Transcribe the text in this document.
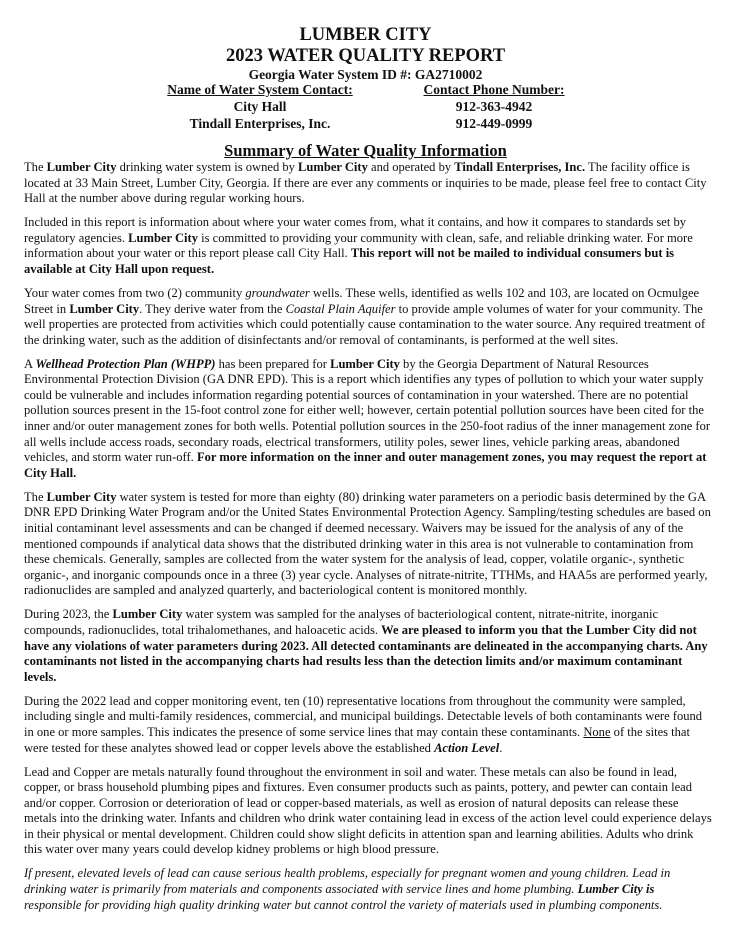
LUMBER CITY
2023 WATER QUALITY REPORT
Georgia Water System ID #: GA2710002
Name of Water System Contact:	Contact Phone Number:
City Hall	912-363-4942
Tindall Enterprises, Inc.	912-449-0999
Summary of Water Quality Information

The Lumber City drinking water system is owned by Lumber City and operated by Tindall Enterprises, Inc. The facility office is located at 33 Main Street, Lumber City, Georgia. If there are ever any comments or inquiries to be made, please feel free to contact City Hall at the number above during regular working hours.

Included in this report is information about where your water comes from, what it contains, and how it compares to standards set by regulatory agencies. Lumber City is committed to providing your community with clean, safe, and reliable drinking water. For more information about your water or this report please call City Hall. This report will not be mailed to individual consumers but is available at City Hall upon request.

Your water comes from two (2) community groundwater wells. These wells, identified as wells 102 and 103, are located on Ocmulgee Street in Lumber City. They derive water from the Coastal Plain Aquifer to provide ample volumes of water for your community. The well properties are protected from activities which could potentially cause contamination to the water source. Any required treatment of the drinking water, such as the addition of disinfectants and/or removal of contaminants, is performed at the well sites.

A Wellhead Protection Plan (WHPP) has been prepared for Lumber City by the Georgia Department of Natural Resources Environmental Protection Division (GA DNR EPD). This is a report which identifies any types of pollution to which your water supply could be vulnerable and includes information regarding potential sources of contamination in your watershed. There are no potential pollution sources present in the 15-foot control zone for either well; however, certain potential pollution sources have been cited for the inner and/or outer management zones for both wells. Potential pollution sources in the 250-foot radius of the inner management zone for all wells include access roads, secondary roads, electrical transformers, utility poles, sewer lines, vehicle parking areas, abandoned vehicles, and storm water run-off. For more information on the inner and outer management zones, you may request the report at City Hall.

The Lumber City water system is tested for more than eighty (80) drinking water parameters on a periodic basis determined by the GA DNR EPD Drinking Water Program and/or the United States Environmental Protection Agency. Sampling/testing schedules are based on initial contaminant level assessments and can be changed if deemed necessary. Waivers may be issued for the analysis of any of the mentioned compounds if analytical data shows that the distributed drinking water in this area is not vulnerable to contamination from these chemicals. Generally, samples are collected from the water system for the analysis of lead, copper, volatile organic-, synthetic organic-, and inorganic compounds once in a three (3) year cycle. Analyses of nitrate-nitrite, TTHMs, and HAA5s are performed yearly, radionuclides are sampled and analyzed quarterly, and bacteriological content is monitored monthly.

During 2023, the Lumber City water system was sampled for the analyses of bacteriological content, nitrate-nitrite, inorganic compounds, radionuclides, total trihalomethanes, and haloacetic acids. We are pleased to inform you that the Lumber City did not have any violations of water parameters during 2023. All detected contaminants are delineated in the accompanying charts. Any contaminants not listed in the accompanying charts had results less than the detection limits and/or maximum contaminant levels.

During the 2022 lead and copper monitoring event, ten (10) representative locations from throughout the community were sampled, including single and multi-family residences, commercial, and municipal buildings. Detectable levels of both contaminants were found in one or more samples. This indicates the presence of some service lines that may contain these contaminants. None of the sites that were tested for these analytes showed lead or copper levels above the established Action Level.

Lead and Copper are metals naturally found throughout the environment in soil and water. These metals can also be found in lead, copper, or brass household plumbing pipes and fixtures. Even consumer products such as paints, pottery, and pewter can contain lead and/or copper. Corrosion or deterioration of lead or copper-based materials, as well as erosion of natural deposits can release these metals into the drinking water. Infants and children who drink water containing lead in excess of the action level could experience delays in their physical or mental development. Children could show slight deficits in attention span and learning abilities. Adults who drink this water over many years could develop kidney problems or high blood pressure.

If present, elevated levels of lead can cause serious health problems, especially for pregnant women and young children. Lead in drinking water is primarily from materials and components associated with service lines and home plumbing. Lumber City is responsible for providing high quality drinking water but cannot control the variety of materials used in plumbing components.
